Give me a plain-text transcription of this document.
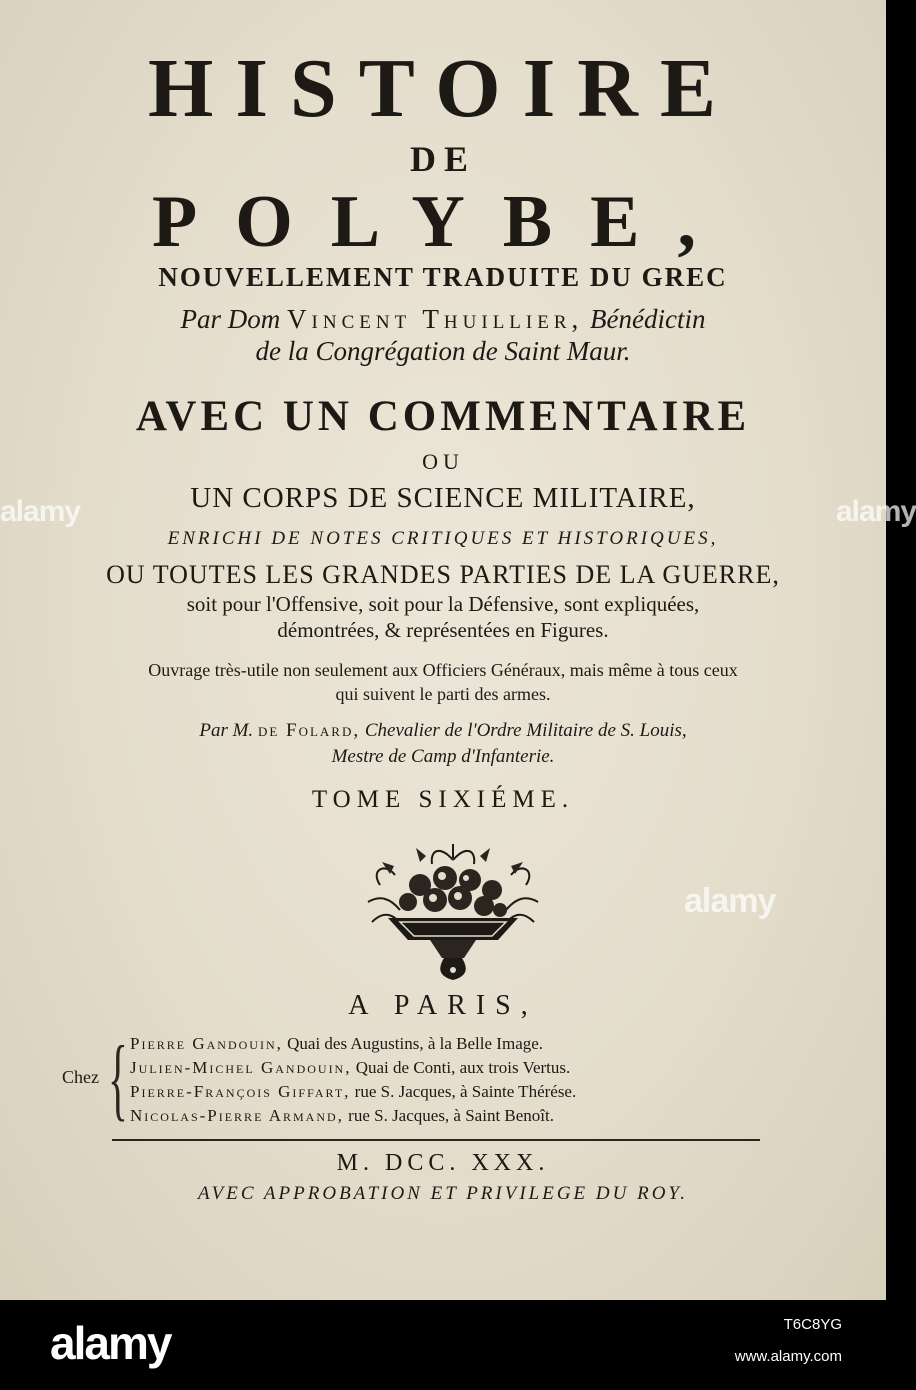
HISTOIRE
DE
POLYBE,
NOUVELLEMENT TRADUITE DU GREC
Par Dom Vincent Thuillier, Bénédictin
de la Congrégation de Saint Maur.
AVEC UN COMMENTAIRE
OU
UN CORPS DE SCIENCE MILITAIRE,
ENRICHI DE NOTES CRITIQUES ET HISTORIQUES,
OU TOUTES LES GRANDES PARTIES DE LA GUERRE,
soit pour l'Offensive, soit pour la Défensive, sont expliquées,
démontrées, & représentées en Figures.
Ouvrage très-utile non seulement aux Officiers Généraux, mais même à tous ceux
qui suivent le parti des armes.
Par M. de Folard, Chevalier de l'Ordre Militaire de S. Louis,
Mestre de Camp d'Infanterie.
TOME SIXIÉME.
A PARIS,
Chez { Pierre Gandouin, Quai des Augustins, à la Belle Image.
Julien-Michel Gandouin, Quai de Conti, aux trois Vertus.
Pierre-François Giffart, rue S. Jacques, à Sainte Thérése.
Nicolas-Pierre Armand, rue S. Jacques, à Saint Benoît.
M. DCC. XXX.
AVEC APPROBATION ET PRIVILEGE DU ROY.
alamy
alamy	alamy
alamy	T6C8YG
www.alamy.com
